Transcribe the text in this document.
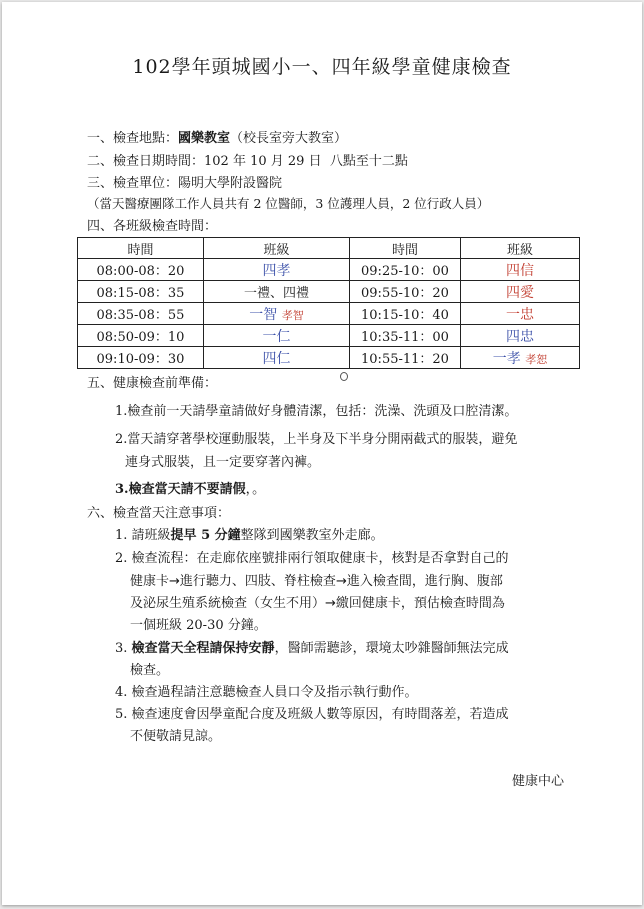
102學年頭城國小一、四年級學童健康檢查
一、檢查地點：國樂教室（校長室旁大教室）
二、檢查日期時間：102 年 10 月 29 日 八點至十二點
三、檢查單位：陽明大學附設醫院
（當天醫療團隊工作人員共有 2 位醫師，3 位護理人員，2 位行政人員）
四、各班級檢查時間：
時間	班級	時間	班級
08:00-08：20	四孝	09:25-10：00	四信
08:15-08：35	一禮、四禮	09:55-10：20	四愛
08:35-08：55	一智 孝智	10:15-10：40	一忠
08:50-09：10	一仁	10:35-11：00	四忠
09:10-09：30	四仁	10:55-11：20	一孝 孝恕
五、健康檢查前準備：
1.檢查前一天請學童請做好身體清潔，包括：洗澡、洗頭及口腔清潔。
2.當天請穿著學校運動服裝，上半身及下半身分開兩截式的服裝，避免
連身式服裝，且一定要穿著內褲。
3.檢查當天請不要請假，。
六、檢查當天注意事項：
1. 請班級提早 5 分鐘整隊到國樂教室外走廊。
2. 檢查流程：在走廊依座號排兩行領取健康卡，核對是否拿對自己的
健康卡→進行聽力、四肢、脊柱檢查→進入檢查間，進行胸、腹部
及泌尿生殖系統檢查（女生不用）→繳回健康卡，預估檢查時間為
一個班級 20-30 分鐘。
3. 檢查當天全程請保持安靜，醫師需聽診，環境太吵雜醫師無法完成
檢查。
4. 檢查過程請注意聽檢查人員口令及指示執行動作。
5. 檢查速度會因學童配合度及班級人數等原因，有時間落差，若造成
不便敬請見諒。
健康中心
